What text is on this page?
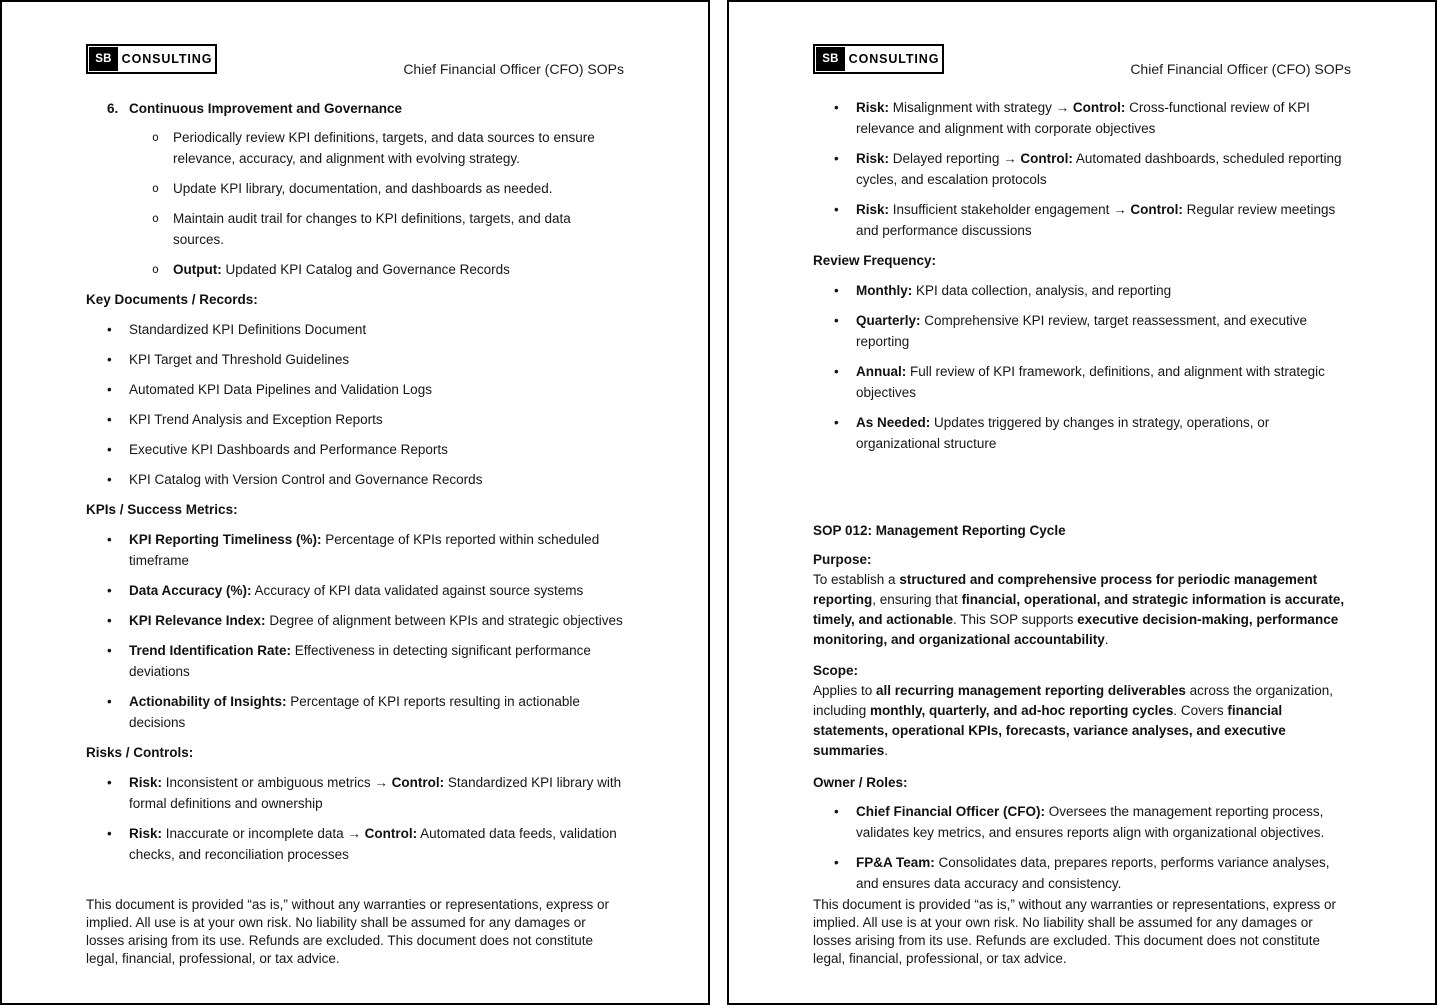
SB CONSULTING
Chief Financial Officer (CFO) SOPs
6. Continuous Improvement and Governance
o	Periodically review KPI definitions, targets, and data sources to ensure relevance, accuracy, and alignment with evolving strategy.
o	Update KPI library, documentation, and dashboards as needed.
o	Maintain audit trail for changes to KPI definitions, targets, and data sources.
o	Output: Updated KPI Catalog and Governance Records
Key Documents / Records:
•	Standardized KPI Definitions Document
•	KPI Target and Threshold Guidelines
•	Automated KPI Data Pipelines and Validation Logs
•	KPI Trend Analysis and Exception Reports
•	Executive KPI Dashboards and Performance Reports
•	KPI Catalog with Version Control and Governance Records
KPIs / Success Metrics:
•	KPI Reporting Timeliness (%): Percentage of KPIs reported within scheduled timeframe
•	Data Accuracy (%): Accuracy of KPI data validated against source systems
•	KPI Relevance Index: Degree of alignment between KPIs and strategic objectives
•	Trend Identification Rate: Effectiveness in detecting significant performance deviations
•	Actionability of Insights: Percentage of KPI reports resulting in actionable decisions
Risks / Controls:
•	Risk: Inconsistent or ambiguous metrics → Control: Standardized KPI library with formal definitions and ownership
•	Risk: Inaccurate or incomplete data → Control: Automated data feeds, validation checks, and reconciliation processes
This document is provided “as is,” without any warranties or representations, express or implied. All use is at your own risk. No liability shall be assumed for any damages or losses arising from its use. Refunds are excluded. This document does not constitute legal, financial, professional, or tax advice.
SB CONSULTING
Chief Financial Officer (CFO) SOPs
•	Risk: Misalignment with strategy → Control: Cross-functional review of KPI relevance and alignment with corporate objectives
•	Risk: Delayed reporting → Control: Automated dashboards, scheduled reporting cycles, and escalation protocols
•	Risk: Insufficient stakeholder engagement → Control: Regular review meetings and performance discussions
Review Frequency:
•	Monthly: KPI data collection, analysis, and reporting
•	Quarterly: Comprehensive KPI review, target reassessment, and executive reporting
•	Annual: Full review of KPI framework, definitions, and alignment with strategic objectives
•	As Needed: Updates triggered by changes in strategy, operations, or organizational structure
SOP 012: Management Reporting Cycle
Purpose:
To establish a structured and comprehensive process for periodic management reporting, ensuring that financial, operational, and strategic information is accurate, timely, and actionable. This SOP supports executive decision-making, performance monitoring, and organizational accountability.
Scope:
Applies to all recurring management reporting deliverables across the organization, including monthly, quarterly, and ad-hoc reporting cycles. Covers financial statements, operational KPIs, forecasts, variance analyses, and executive summaries.
Owner / Roles:
•	Chief Financial Officer (CFO): Oversees the management reporting process, validates key metrics, and ensures reports align with organizational objectives.
•	FP&A Team: Consolidates data, prepares reports, performs variance analyses, and ensures data accuracy and consistency.
This document is provided “as is,” without any warranties or representations, express or implied. All use is at your own risk. No liability shall be assumed for any damages or losses arising from its use. Refunds are excluded. This document does not constitute legal, financial, professional, or tax advice.
